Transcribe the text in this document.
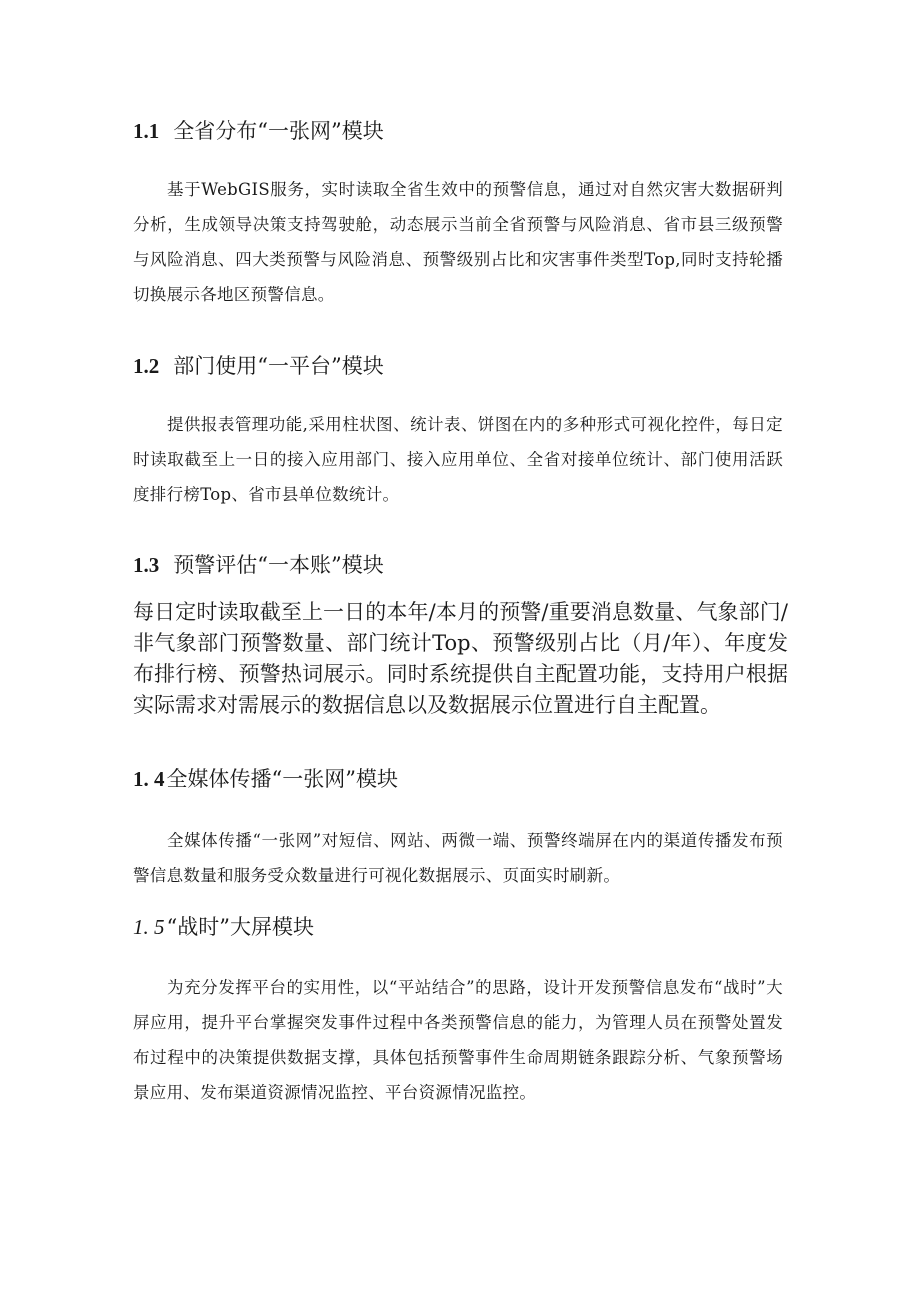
1.1 全省分布“一张网”模块
基于WebGIS服务，实时读取全省生效中的预警信息，通过对自然灾害大数据研判分析，生成领导决策支持驾驶舱，动态展示当前全省预警与风险消息、省市县三级预警与风险消息、四大类预警与风险消息、预警级别占比和灾害事件类型Top,同时支持轮播切换展示各地区预警信息。
1.2 部门使用“一平台”模块
提供报表管理功能,采用柱状图、统计表、饼图在内的多种形式可视化控件，每日定时读取截至上一日的接入应用部门、接入应用单位、全省对接单位统计、部门使用活跃度排行榜Top、省市县单位数统计。
1.3 预警评估“一本账”模块
每日定时读取截至上一日的本年/本月的预警/重要消息数量、气象部门/非气象部门预警数量、部门统计Top、预警级别占比（月/年）、年度发布排行榜、预警热词展示。同时系统提供自主配置功能，支持用户根据实际需求对需展示的数据信息以及数据展示位置进行自主配置。
1. 4全媒体传播“一张网”模块
全媒体传播“一张网”对短信、网站、两微一端、预警终端屏在内的渠道传播发布预警信息数量和服务受众数量进行可视化数据展示、页面实时刷新。
1. 5“战时”大屏模块
为充分发挥平台的实用性，以“平站结合”的思路，设计开发预警信息发布“战时”大屏应用，提升平台掌握突发事件过程中各类预警信息的能力，为管理人员在预警处置发布过程中的决策提供数据支撑，具体包括预警事件生命周期链条跟踪分析、气象预警场景应用、发布渠道资源情况监控、平台资源情况监控。
